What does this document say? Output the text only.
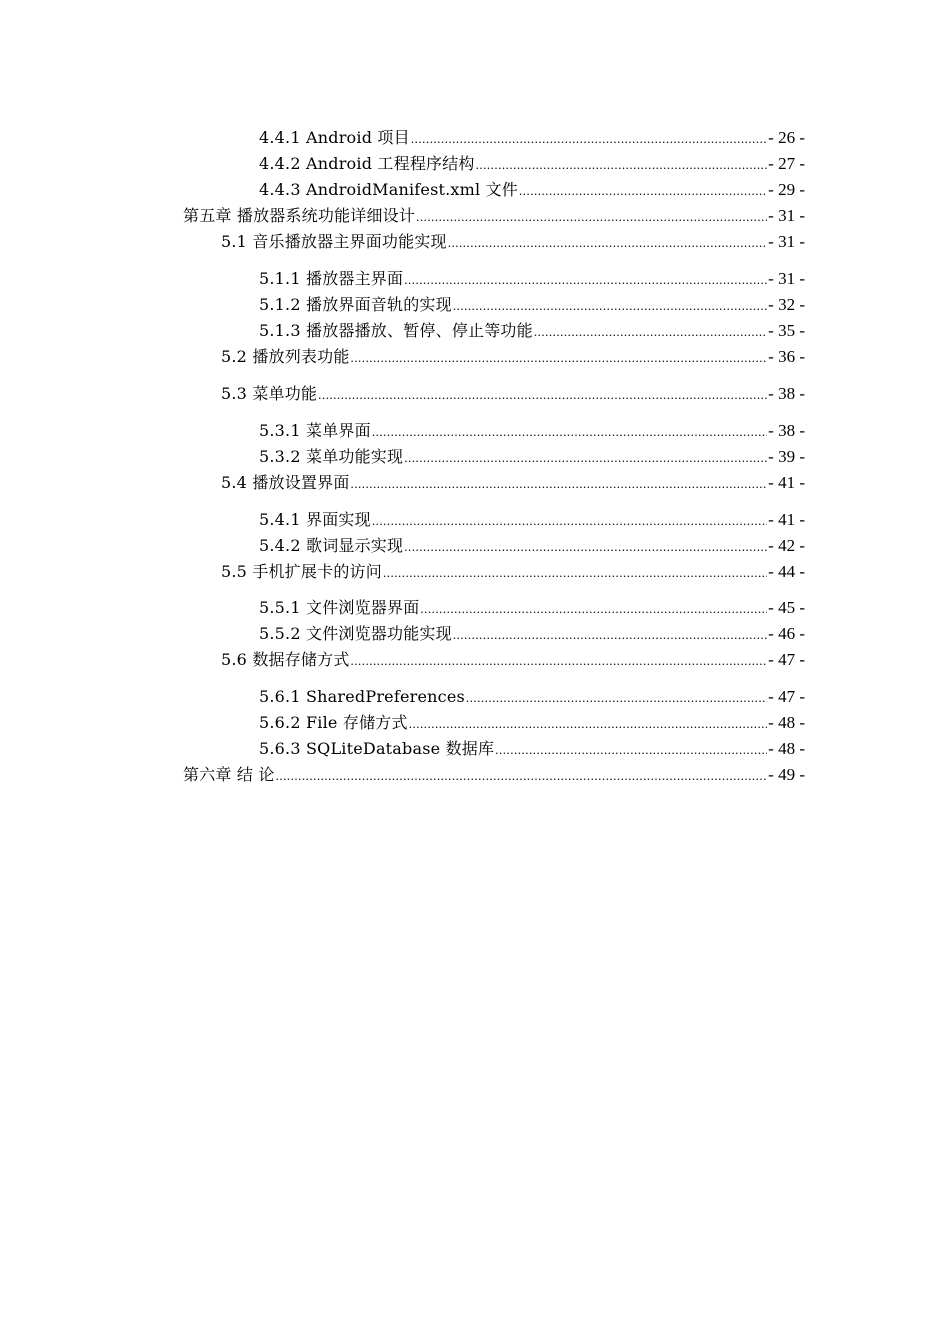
4.4.1 Android 项目 .....	- 26 -
4.4.2 Android 工程程序结构 .....	- 27 -
4.4.3 AndroidManifest.xml 文件 .....	- 29 -
第五章 播放器系统功能详细设计 .....	- 31 -
5.1 音乐播放器主界面功能实现 .....	- 31 -
5.1.1 播放器主界面 .....	- 31 -
5.1.2 播放界面音轨的实现 .....	- 32 -
5.1.3 播放器播放、暂停、停止等功能 .....	- 35 -
5.2 播放列表功能 .....	- 36 -
5.3 菜单功能 .....	- 38 -
5.3.1 菜单界面 .....	- 38 -
5.3.2 菜单功能实现 .....	- 39 -
5.4 播放设置界面 .....	- 41 -
5.4.1 界面实现 .....	- 41 -
5.4.2 歌词显示实现 .....	- 42 -
5.5 手机扩展卡的访问 .....	- 44 -
5.5.1 文件浏览器界面 .....	- 45 -
5.5.2 文件浏览器功能实现 .....	- 46 -
5.6 数据存储方式 .....	- 47 -
5.6.1 SharedPreferences .....	- 47 -
5.6.2 File 存储方式 .....	- 48 -
5.6.3 SQLiteDatabase 数据库 .....	- 48 -
第六章 结 论 .....	- 49 -
